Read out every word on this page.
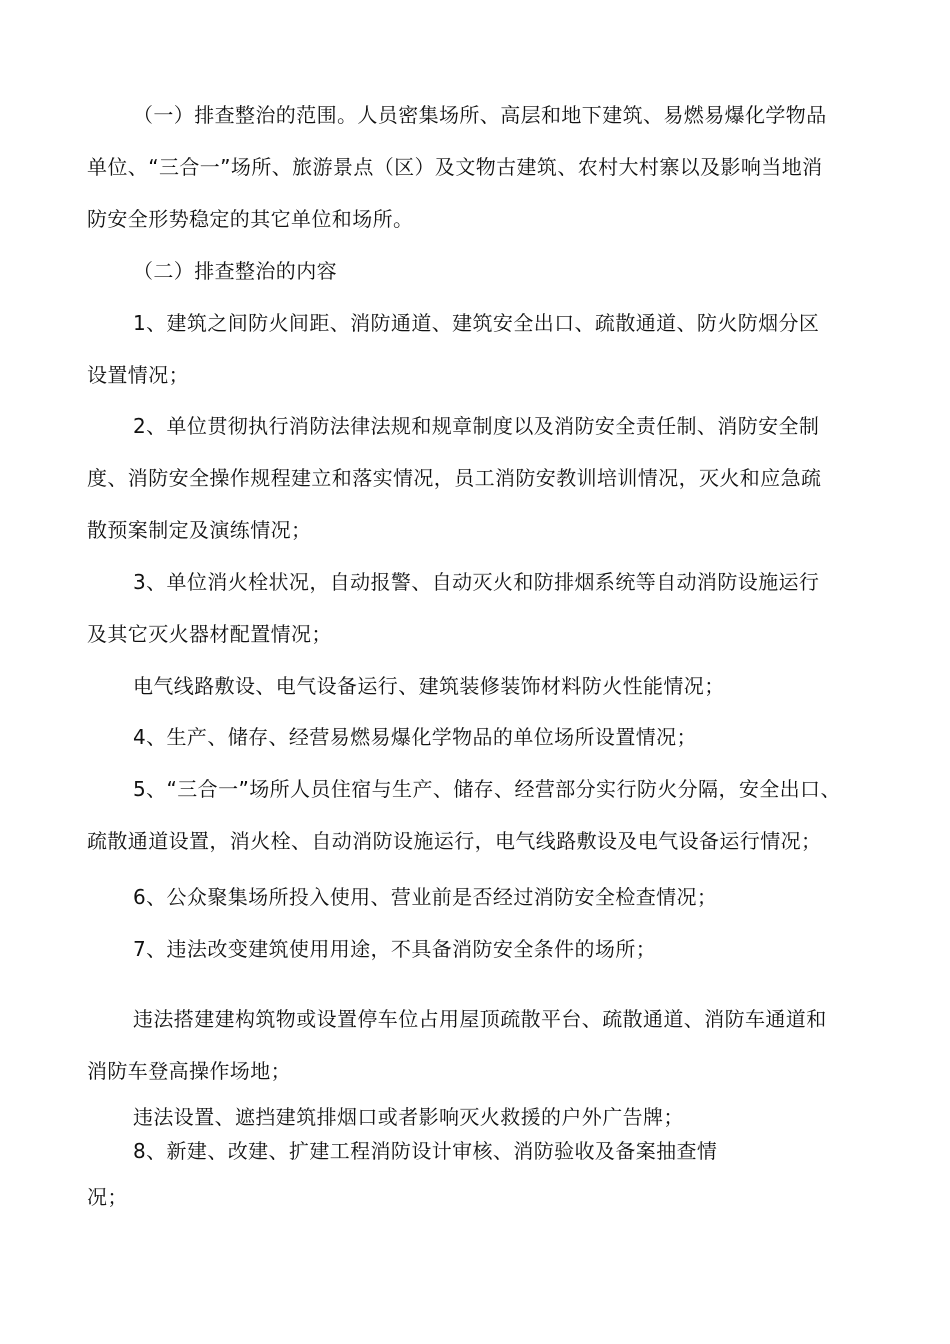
（一）排查整治的范围。人员密集场所、高层和地下建筑、易燃易爆化学物品
单位、“三合一”场所、旅游景点（区）及文物古建筑、农村大村寨以及影响当地消
防安全形势稳定的其它单位和场所。
（二）排查整治的内容
1、建筑之间防火间距、消防通道、建筑安全出口、疏散通道、防火防烟分区
设置情况；
2、单位贯彻执行消防法律法规和规章制度以及消防安全责任制、消防安全制
度、消防安全操作规程建立和落实情况，员工消防安教训培训情况，灭火和应急疏
散预案制定及演练情况；
3、单位消火栓状况，自动报警、自动灭火和防排烟系统等自动消防设施运行
及其它灭火器材配置情况；
电气线路敷设、电气设备运行、建筑装修装饰材料防火性能情况；
4、生产、储存、经营易燃易爆化学物品的单位场所设置情况；
5、“三合一”场所人员住宿与生产、储存、经营部分实行防火分隔，安全出口、
疏散通道设置，消火栓、自动消防设施运行，电气线路敷设及电气设备运行情况；
6、公众聚集场所投入使用、营业前是否经过消防安全检查情况；
7、违法改变建筑使用用途，不具备消防安全条件的场所；
违法搭建建构筑物或设置停车位占用屋顶疏散平台、疏散通道、消防车通道和
消防车登高操作场地；
违法设置、遮挡建筑排烟口或者影响灭火救援的户外广告牌；
8、新建、改建、扩建工程消防设计审核、消防验收及备案抽查情
况；
